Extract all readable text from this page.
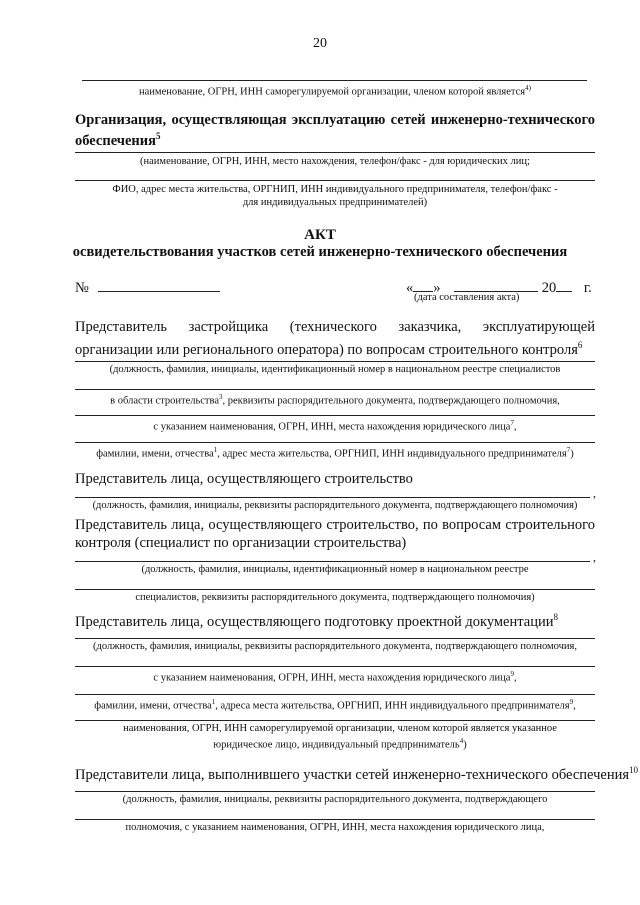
20
наименование, ОГРН, ИНН саморегулируемой организации, членом которой является$^{4)}$
Организация, осуществляющая эксплуатацию сетей инженерно-технического
обеспечения$^5$
(наименование, ОГРН, ИНН, место нахождения, телефон/факс - для юридических лиц;
ФИО, адрес места жительства, ОРГНИП, ИНН индивидуального предпринимателя, телефон/факс - для индивидуальных предпринимателей)
АКТ
освидетельствования участков сетей инженерно-технического обеспечения
№	« »	20 г.
(дата составления акта)
Представитель застройщика (технического заказчика, эксплуатирующей организации или регионального оператора) по вопросам строительного контроля$^6$
(должность, фамилия, инициалы, идентификационный номер в национальном реестре специалистов
в области строительства$^3$, реквизиты распорядительного документа, подтверждающего полномочия,
с указанием наименования, ОГРН, ИНН, места нахождения юридического лица$^7$,
фамилии, имени, отчества$^1$, адрес места жительства, ОРГНИП, ИНН индивидуального предпринимателя$^7$)
Представитель лица, осуществляющего строительство
,
(должность, фамилия, инициалы, реквизиты распорядительного документа, подтверждающего полномочия)
Представитель лица, осуществляющего строительство, по вопросам строительного контроля (специалист по организации строительства)
,
(должность, фамилия, инициалы, идентификационный номер в национальном реестре
специалистов, реквизиты распорядительного документа, подтверждающего полномочия)
Представитель лица, осуществляющего подготовку проектной документации$^8$
(должность, фамилия, инициалы, реквизиты распорядительного документа, подтверждающего полномочия,
с указанием наименования, ОГРН, ИНН, места нахождения юридического лица$^9$,
фамилии, имени, отчества$^1$, адреса места жительства, ОРГНИП, ИНН индивидуального предпринимателя$^9$,
наименования, ОГРН, ИНН саморегулируемой организации, членом которой является указанное юридическое лицо, индивидуальный предприниматель$^4$)
Представители лица, выполнившего участки сетей инженерно-технического обеспечения$^{10}$
(должность, фамилия, инициалы, реквизиты распорядительного документа, подтверждающего
полномочия, с указанием наименования, ОГРН, ИНН, места нахождения юридического лица,
